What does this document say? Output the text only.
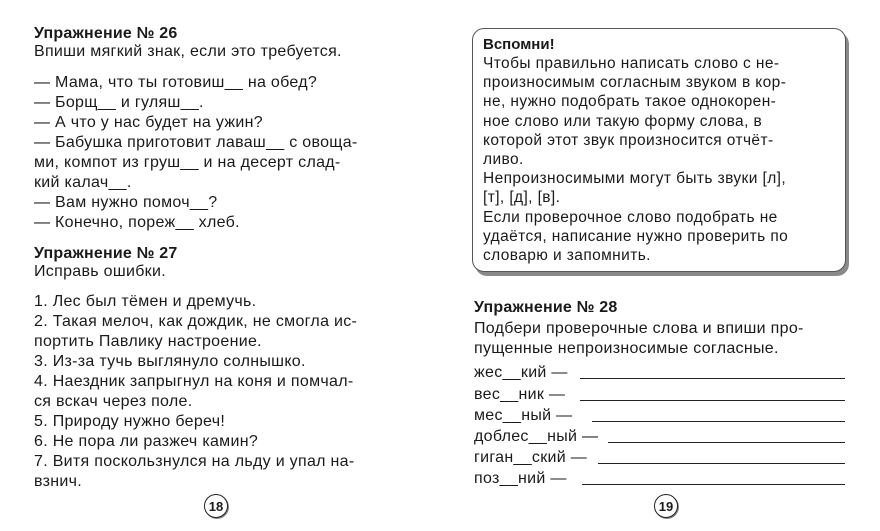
Упражнение № 26
Впиши мягкий знак, если это требуется.
— Мама, что ты готовиш__ на обед?
— Борщ__ и гуляш__.
— А что у нас будет на ужин?
— Бабушка приготовит лаваш__ с овоща-
ми, компот из груш__ и на десерт слад-
кий калач__.
— Вам нужно помоч__?
— Конечно, пореж__ хлеб.
Упражнение № 27
Исправь ошибки.
1. Лес был тёмен и дремучь.
2. Такая мелоч, как дождик, не смогла ис-
портить Павлику настроение.
3. Из-за тучь выглянуло солнышко.
4. Наездник запрыгнул на коня и помчал-
ся вскач через поле.
5. Природу нужно береч!
6. Не пора ли разжеч камин?
7. Витя поскользнулся на льду и упал на-
взнич.
18
Вспомни!
Чтобы правильно написать слово с не-
произносимым согласным звуком в кор-
не, нужно подобрать такое однокорен-
ное слово или такую форму слова, в
которой этот звук произносится отчёт-
ливо.
Непроизносимыми могут быть звуки [л],
[т], [д], [в].
Если проверочное слово подобрать не
удаётся, написание нужно проверить по
словарю и запомнить.
Упражнение № 28
Подбери проверочные слова и впиши про-
пущенные непроизносимые согласные.
жес__кий —
вес__ник —
мес__ный —
доблес__ный —
гиган__ский —
поз__ний —
19
